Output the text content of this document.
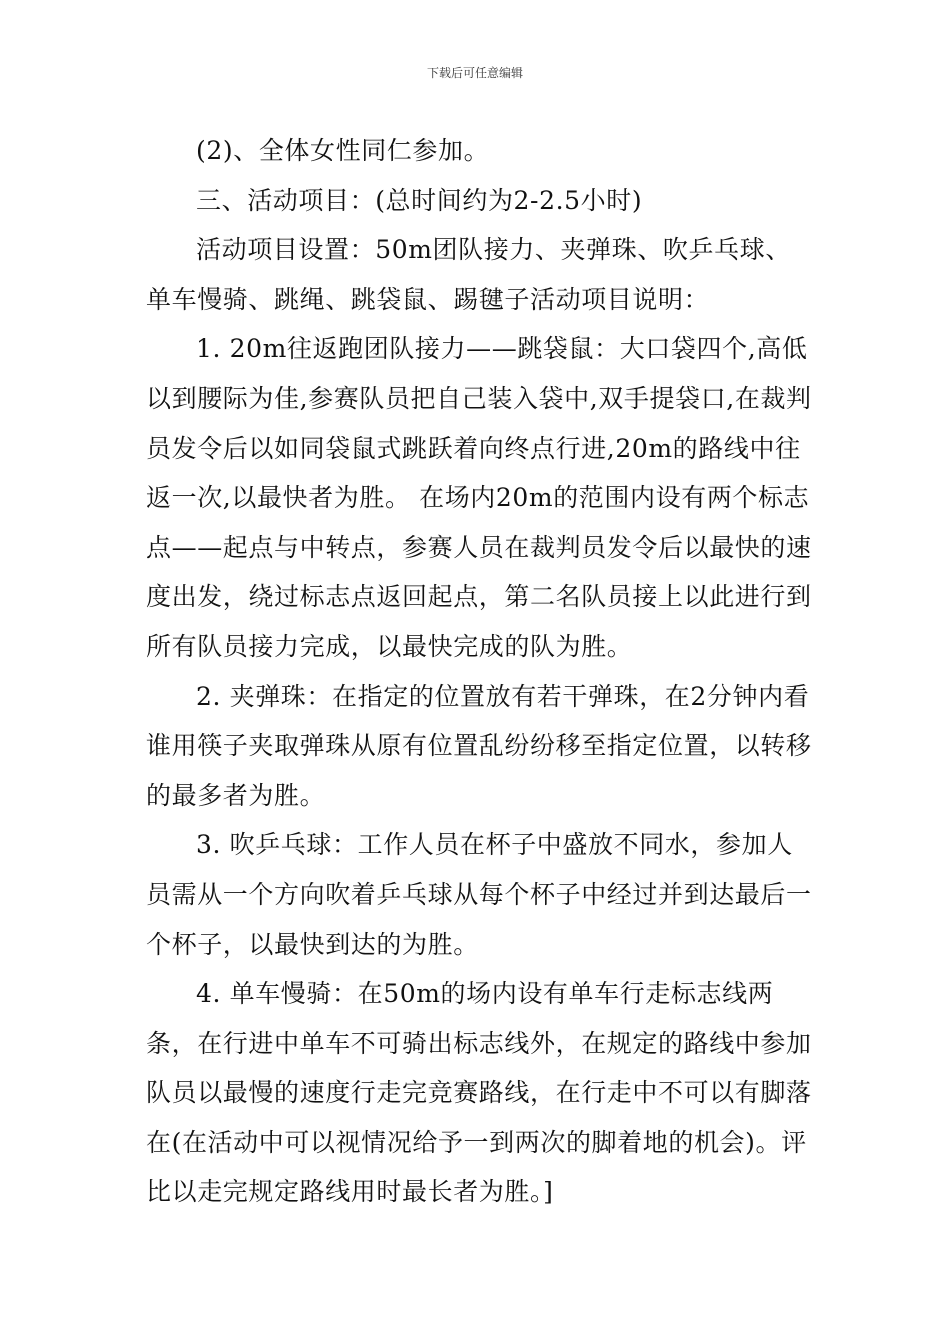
下载后可任意编辑

(2)、全体女性同仁参加。

三、活动项目：(总时间约为2-2.5小时)

活动项目设置：50m团队接力、夹弹珠、吹乒乓球、单车慢骑、跳绳、跳袋鼠、踢毽子活动项目说明：

1. 20m往返跑团队接力——跳袋鼠：大口袋四个,高低以到腰际为佳,参赛队员把自己装入袋中,双手提袋口,在裁判员发令后以如同袋鼠式跳跃着向终点行进,20m的路线中往返一次,以最快者为胜。 在场内20m的范围内设有两个标志点——起点与中转点，参赛人员在裁判员发令后以最快的速度出发，绕过标志点返回起点，第二名队员接上以此进行到所有队员接力完成，以最快完成的队为胜。

2. 夹弹珠：在指定的位置放有若干弹珠，在2分钟内看谁用筷子夹取弹珠从原有位置乱纷纷移至指定位置，以转移的最多者为胜。

3. 吹乒乓球：工作人员在杯子中盛放不同水，参加人员需从一个方向吹着乒乓球从每个杯子中经过并到达最后一个杯子，以最快到达的为胜。

4. 单车慢骑：在50m的场内设有单车行走标志线两条，在行进中单车不可骑出标志线外，在规定的路线中参加队员以最慢的速度行走完竞赛路线，在行走中不可以有脚落在(在活动中可以视情况给予一到两次的脚着地的机会)。评比以走完规定路线用时最长者为胜。]
